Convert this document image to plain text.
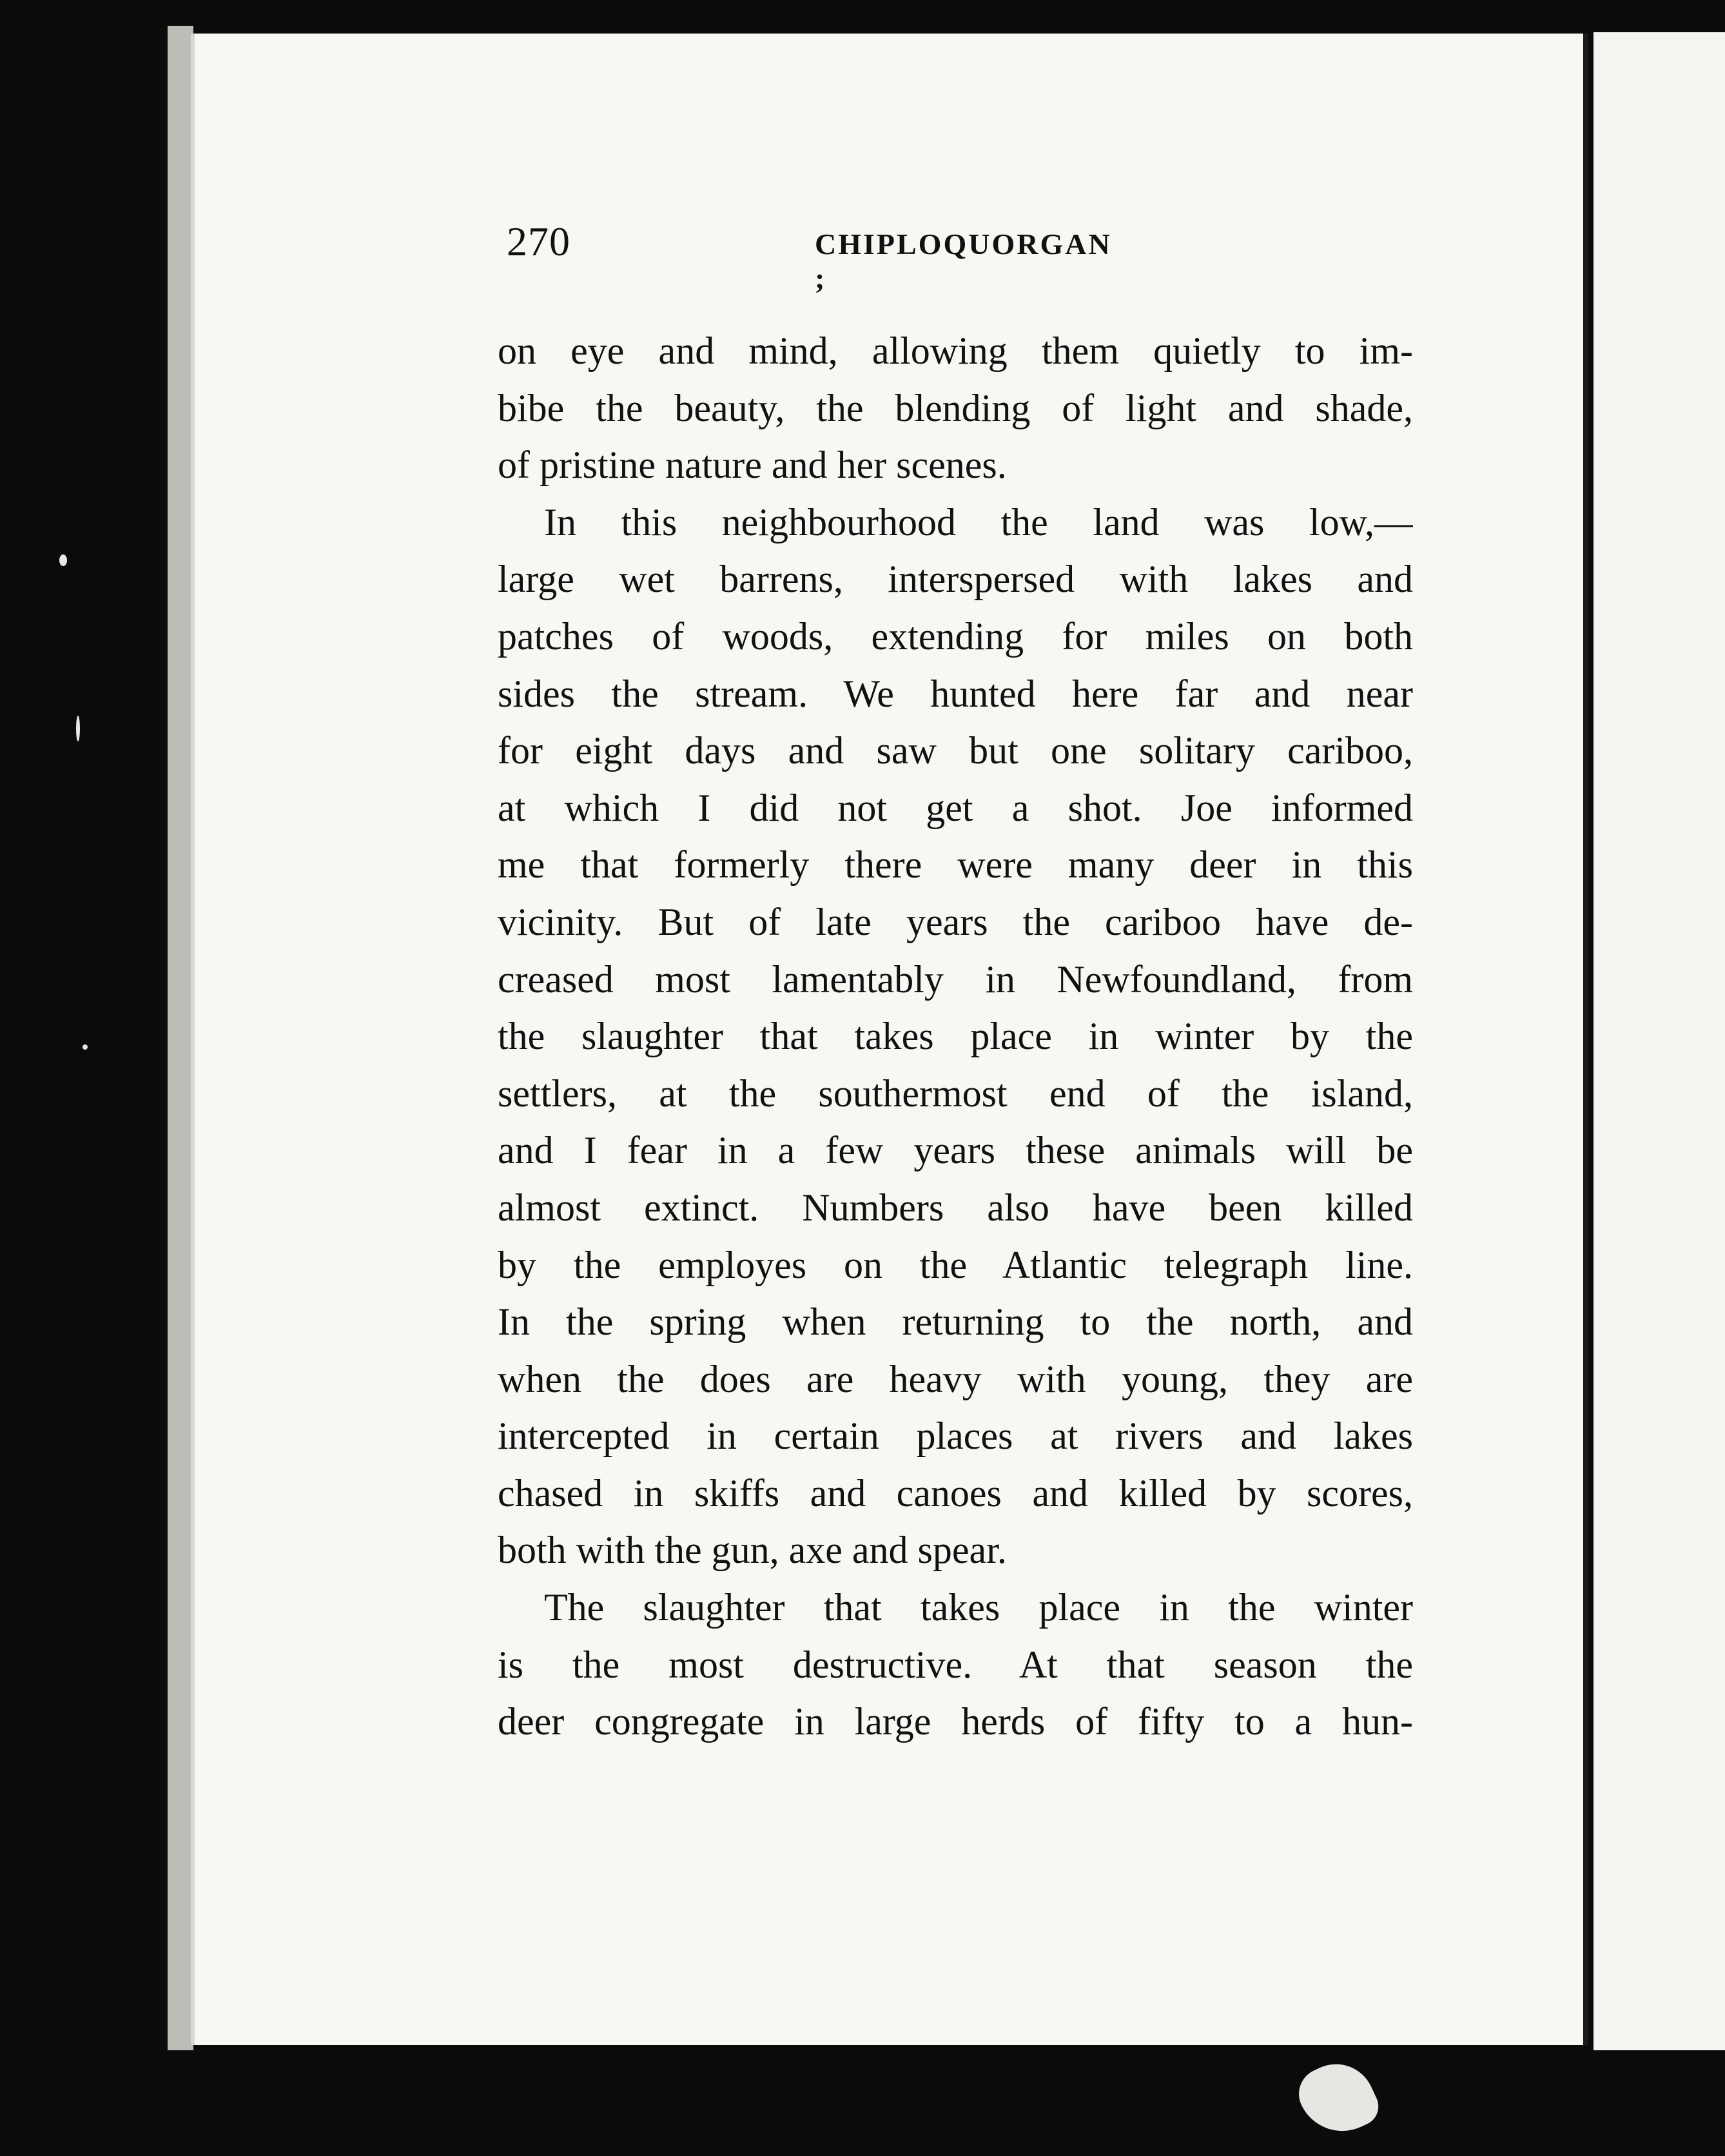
270	CHIPLOQUORGAN ;
on eye and mind, allowing them quietly to im-
bibe the beauty, the blending of light and shade,
of pristine nature and her scenes.
In this neighbourhood the land was low,—
large wet barrens, interspersed with lakes and
patches of woods, extending for miles on both
sides the stream. We hunted here far and near
for eight days and saw but one solitary cariboo,
at which I did not get a shot. Joe informed
me that formerly there were many deer in this
vicinity. But of late years the cariboo have de-
creased most lamentably in Newfoundland, from
the slaughter that takes place in winter by the
settlers, at the southermost end of the island,
and I fear in a few years these animals will be
almost extinct. Numbers also have been killed
by the employes on the Atlantic telegraph line.
In the spring when returning to the north, and
when the does are heavy with young, they are
intercepted in certain places at rivers and lakes
chased in skiffs and canoes and killed by scores,
both with the gun, axe and spear.
The slaughter that takes place in the winter
is the most destructive. At that season the
deer congregate in large herds of fifty to a hun-
